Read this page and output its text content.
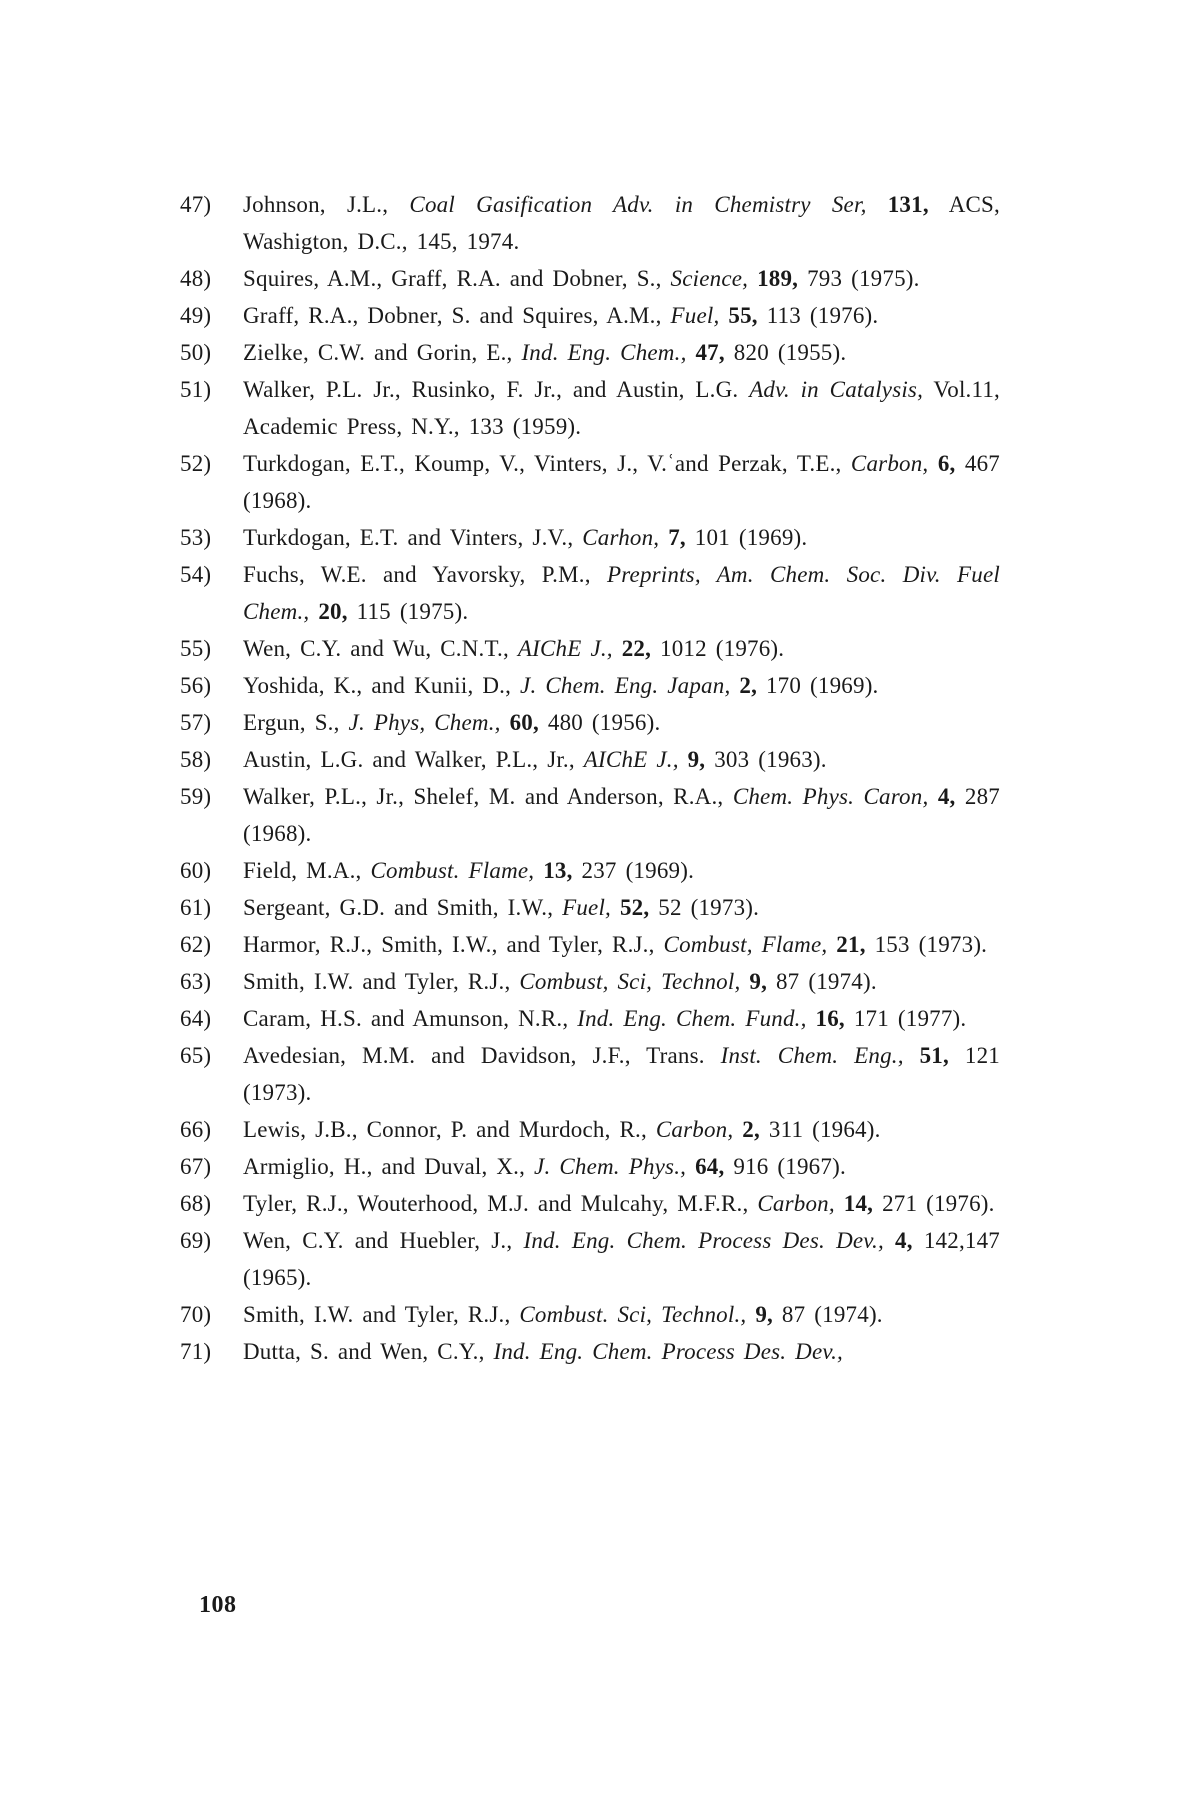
47) Johnson, J.L., Coal Gasification Adv. in Chemistry Ser, 131, ACS, Washigton, D.C., 145, 1974.
48) Squires, A.M., Graff, R.A. and Dobner, S., Science, 189, 793 (1975).
49) Graff, R.A., Dobner, S. and Squires, A.M., Fuel, 55, 113 (1976).
50) Zielke, C.W. and Gorin, E., Ind. Eng. Chem., 47, 820 (1955).
51) Walker, P.L. Jr., Rusinko, F. Jr., and Austin, L.G. Adv. in Catalysis, Vol.11, Academic Press, N.Y., 133 (1959).
52) Turkdogan, E.T., Koump, V., Vinters, J., V.ʿand Perzak, T.E., Carbon, 6, 467 (1968).
53) Turkdogan, E.T. and Vinters, J.V., Carhon, 7, 101 (1969).
54) Fuchs, W.E. and Yavorsky, P.M., Preprints, Am. Chem. Soc. Div. Fuel Chem., 20, 115 (1975).
55) Wen, C.Y. and Wu, C.N.T., AIChE J., 22, 1012 (1976).
56) Yoshida, K., and Kunii, D., J. Chem. Eng. Japan, 2, 170 (1969).
57) Ergun, S., J. Phys, Chem., 60, 480 (1956).
58) Austin, L.G. and Walker, P.L., Jr., AIChE J., 9, 303 (1963).
59) Walker, P.L., Jr., Shelef, M. and Anderson, R.A., Chem. Phys. Caron, 4, 287 (1968).
60) Field, M.A., Combust. Flame, 13, 237 (1969).
61) Sergeant, G.D. and Smith, I.W., Fuel, 52, 52 (1973).
62) Harmor, R.J., Smith, I.W., and Tyler, R.J., Combust, Flame, 21, 153 (1973).
63) Smith, I.W. and Tyler, R.J., Combust, Sci, Technol, 9, 87 (1974).
64) Caram, H.S. and Amunson, N.R., Ind. Eng. Chem. Fund., 16, 171 (1977).
65) Avedesian, M.M. and Davidson, J.F., Trans. Inst. Chem. Eng., 51, 121 (1973).
66) Lewis, J.B., Connor, P. and Murdoch, R., Carbon, 2, 311 (1964).
67) Armiglio, H., and Duval, X., J. Chem. Phys., 64, 916 (1967).
68) Tyler, R.J., Wouterhood, M.J. and Mulcahy, M.F.R., Carbon, 14, 271 (1976).
69) Wen, C.Y. and Huebler, J., Ind. Eng. Chem. Process Des. Dev., 4, 142,147 (1965).
70) Smith, I.W. and Tyler, R.J., Combust. Sci, Technol., 9, 87 (1974).
71) Dutta, S. and Wen, C.Y., Ind. Eng. Chem. Process Des. Dev.,
108
